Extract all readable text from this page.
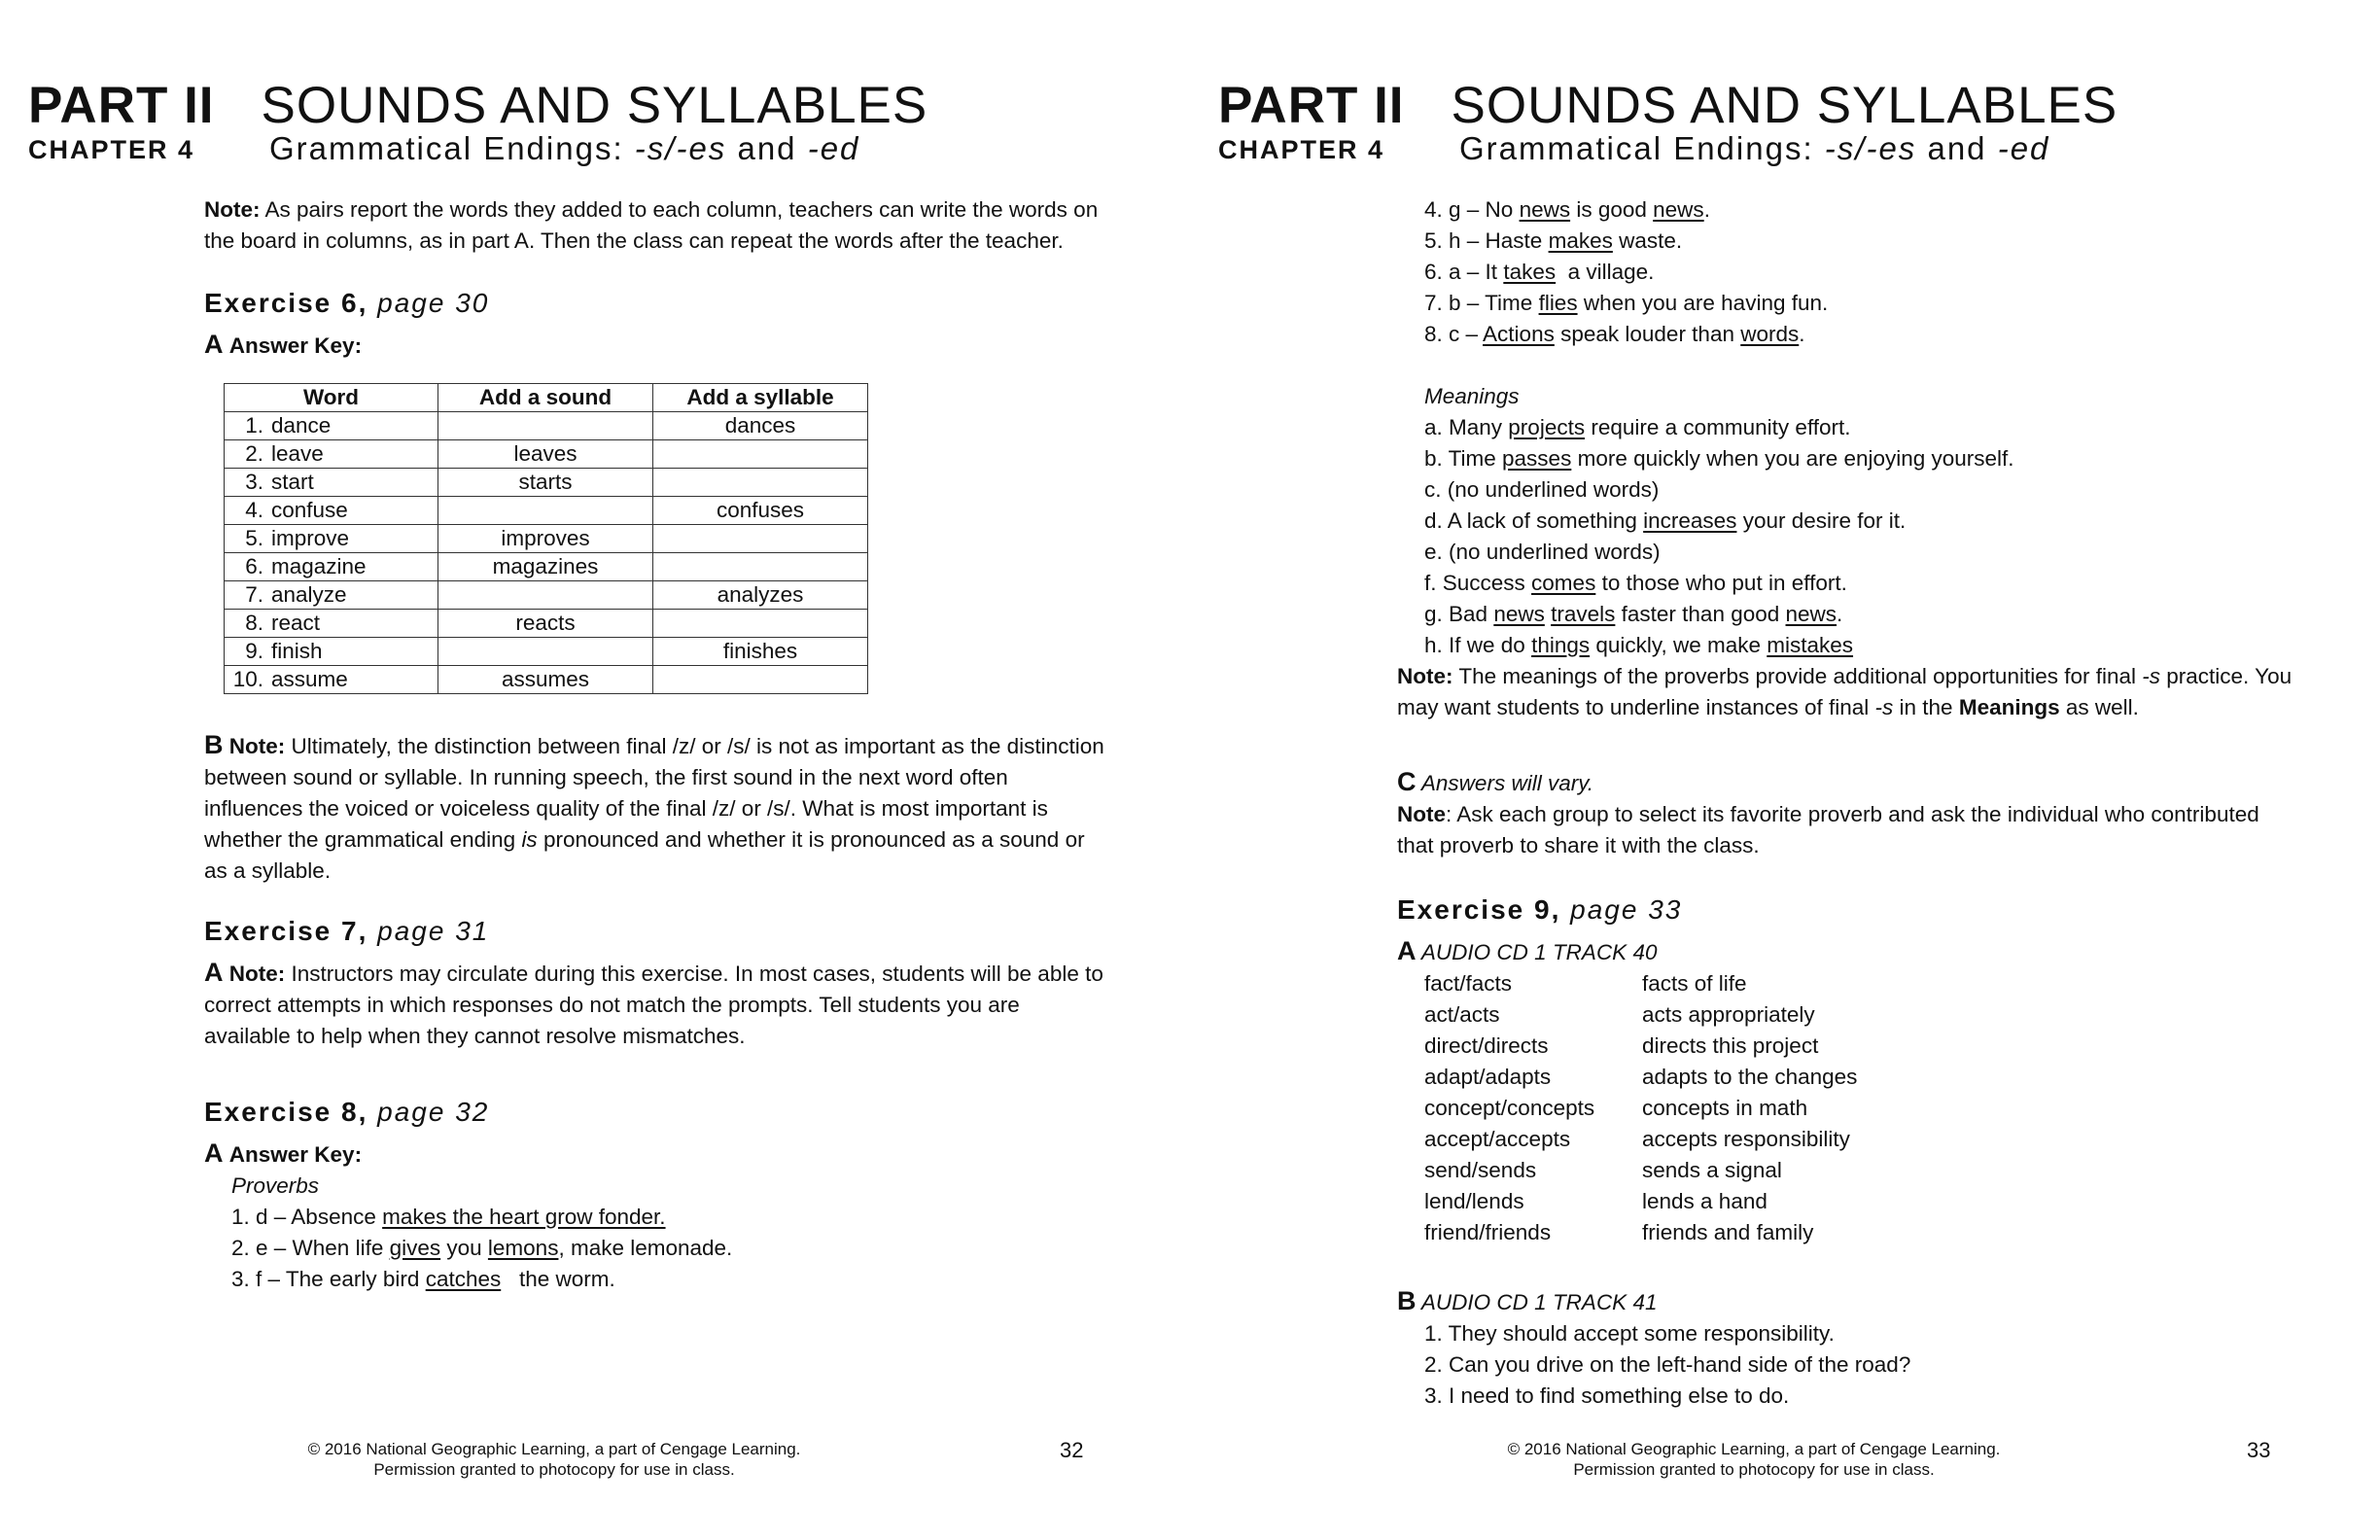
PART II SOUNDS AND SYLLABLES
CHAPTER 4 Grammatical Endings: -s/-es and -ed

Note: As pairs report the words they added to each column, teachers can write the words on the board in columns, as in part A. Then the class can repeat the words after the teacher.

Exercise 6, page 30

A Answer Key:

Word	Add a sound	Add a syllable
1. dance		dances
2. leave	leaves	
3. start	starts	
4. confuse		confuses
5. improve	improves	
6. magazine	magazines	
7. analyze		analyzes
8. react	reacts	
9. finish		finishes
10. assume	assumes	

B Note: Ultimately, the distinction between final /z/ or /s/ is not as important as the distinction between sound or syllable. In running speech, the first sound in the next word often influences the voiced or voiceless quality of the final /z/ or /s/. What is most important is whether the grammatical ending is pronounced and whether it is pronounced as a sound or as a syllable.

Exercise 7, page 31

A Note: Instructors may circulate during this exercise. In most cases, students will be able to correct attempts in which responses do not match the prompts. Tell students you are available to help when they cannot resolve mismatches.

Exercise 8, page 32

A Answer Key:

Proverbs

1. d – Absence makes the heart grow fonder.

2. e – When life gives you lemons, make lemonade.

3. f – The early bird catches   the worm.

© 2016 National Geographic Learning, a part of Cengage Learning.
Permission granted to photocopy for use in class.
32
PART II SOUNDS AND SYLLABLES
CHAPTER 4 Grammatical Endings: -s/-es and -ed

4. g – No news is good news.

5. h – Haste makes waste.

6. a – It takes  a village.

7. b – Time flies when you are having fun.

8. c – Actions speak louder than words.

Meanings

a. Many projects require a community effort.

b. Time passes more quickly when you are enjoying yourself.

c. (no underlined words)

d. A lack of something increases your desire for it.

e. (no underlined words)

f. Success comes to those who put in effort.

g. Bad news travels faster than good news.

h. If we do things quickly, we make mistakes

Note: The meanings of the proverbs provide additional opportunities for final -s practice. You may want students to underline instances of final -s in the Meanings as well.

C Answers will vary.

Note: Ask each group to select its favorite proverb and ask the individual who contributed that proverb to share it with the class.

Exercise 9, page 33

A AUDIO CD 1 TRACK 40

fact/facts	facts of life
act/acts	acts appropriately
direct/directs	directs this project
adapt/adapts	adapts to the changes
concept/concepts	concepts in math
accept/accepts	accepts responsibility
send/sends	sends a signal
lend/lends	lends a hand
friend/friends	friends and family

B AUDIO CD 1 TRACK 41

1. They should accept some responsibility.

2. Can you drive on the left-hand side of the road?

3. I need to find something else to do.

© 2016 National Geographic Learning, a part of Cengage Learning.
Permission granted to photocopy for use in class.
33
